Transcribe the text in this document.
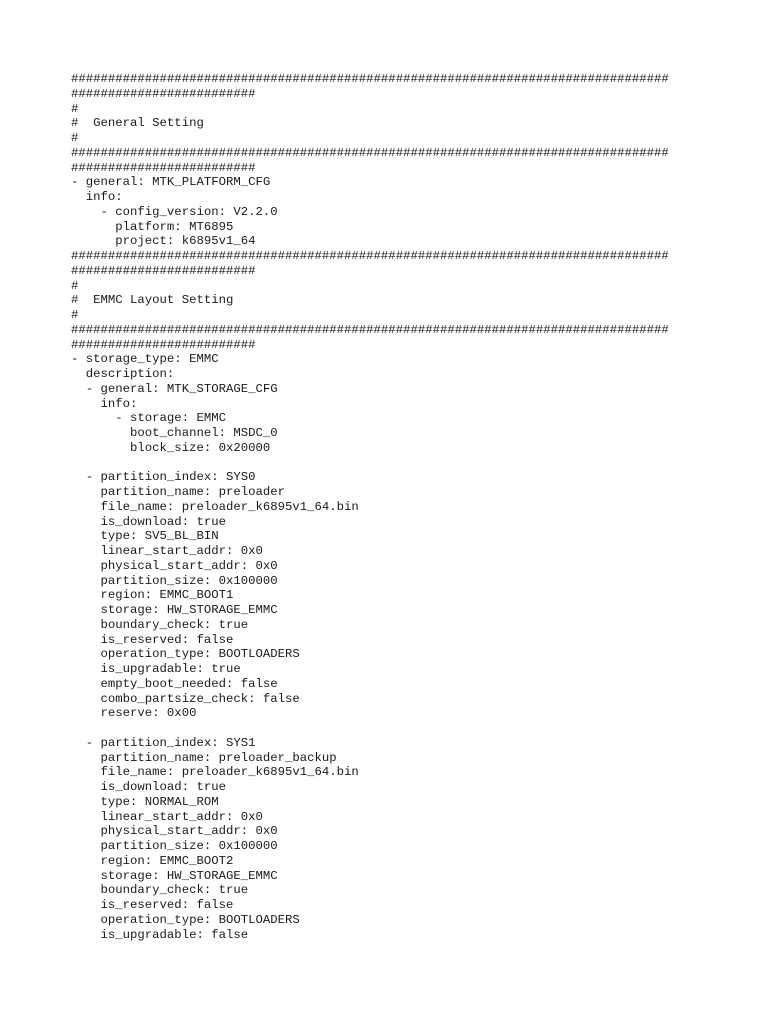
#################################################################################
#########################
#
#  General Setting
#
#################################################################################
#########################
- general: MTK_PLATFORM_CFG
info:
- config_version: V2.2.0
platform: MT6895
project: k6895v1_64
#################################################################################
#########################
#
#  EMMC Layout Setting
#
#################################################################################
#########################
- storage_type: EMMC
description:
- general: MTK_STORAGE_CFG
info:
- storage: EMMC
boot_channel: MSDC_0
block_size: 0x20000
- partition_index: SYS0
partition_name: preloader
file_name: preloader_k6895v1_64.bin
is_download: true
type: SV5_BL_BIN
linear_start_addr: 0x0
physical_start_addr: 0x0
partition_size: 0x100000
region: EMMC_BOOT1
storage: HW_STORAGE_EMMC
boundary_check: true
is_reserved: false
operation_type: BOOTLOADERS
is_upgradable: true
empty_boot_needed: false
combo_partsize_check: false
reserve: 0x00
- partition_index: SYS1
partition_name: preloader_backup
file_name: preloader_k6895v1_64.bin
is_download: true
type: NORMAL_ROM
linear_start_addr: 0x0
physical_start_addr: 0x0
partition_size: 0x100000
region: EMMC_BOOT2
storage: HW_STORAGE_EMMC
boundary_check: true
is_reserved: false
operation_type: BOOTLOADERS
is_upgradable: false
